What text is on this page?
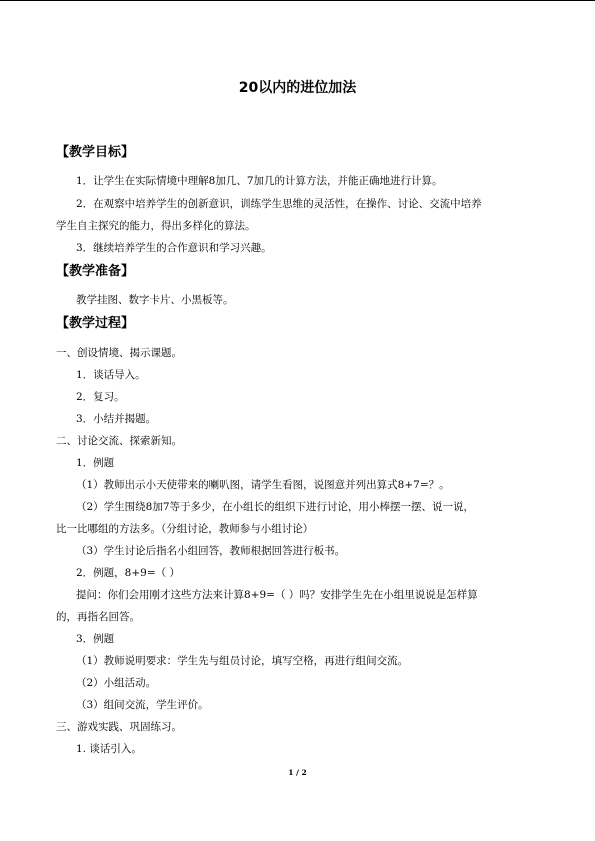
20以内的进位加法
【教学目标】
1．让学生在实际情境中理解8加几、7加几的计算方法，并能正确地进行计算。
2．在观察中培养学生的创新意识，训练学生思维的灵活性，在操作、讨论、交流中培养
学生自主探究的能力，得出多样化的算法。
3．继续培养学生的合作意识和学习兴趣。
【教学准备】
教学挂图、数字卡片、小黑板等。
【教学过程】
一、创设情境、揭示课题。
1．谈话导入。
2．复习。
3．小结并揭题。
二、讨论交流、探索新知。
1．例题
（1）教师出示小天使带来的喇叭图，请学生看图，说图意并列出算式8+7=？。
（2）学生围绕8加7等于多少，在小组长的组织下进行讨论，用小棒摆一摆、说一说，
比一比哪组的方法多。（分组讨论，教师参与小组讨论）
（3）学生讨论后指名小组回答，教师根据回答进行板书。
2．例题，8+9=（ ）
提问：你们会用刚才这些方法来计算8+9=（ ）吗？安排学生先在小组里说说是怎样算
的，再指名回答。
3．例题
（1）教师说明要求：学生先与组员讨论，填写空格，再进行组间交流。
（2）小组活动。
（3）组间交流，学生评价。
三、游戏实践、巩固练习。
1. 谈话引入。
1 / 2
